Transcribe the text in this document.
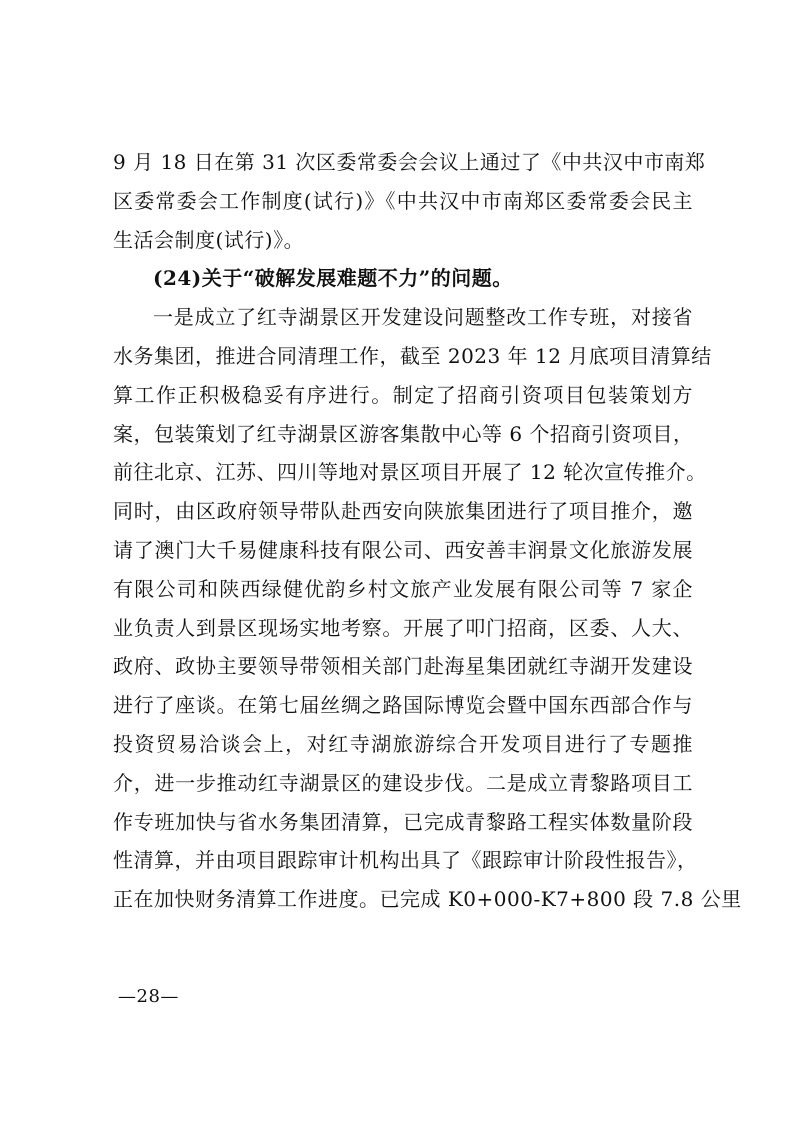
9 月 18 日在第 31 次区委常委会会议上通过了《中共汉中市南郑
区委常委会工作制度(试行)》《中共汉中市南郑区委常委会民主
生活会制度(试行)》。
(24)关于“破解发展难题不力”的问题。
一是成立了红寺湖景区开发建设问题整改工作专班，对接省
水务集团，推进合同清理工作，截至 2023 年 12 月底项目清算结
算工作正积极稳妥有序进行。制定了招商引资项目包装策划方
案，包装策划了红寺湖景区游客集散中心等 6 个招商引资项目，
前往北京、江苏、四川等地对景区项目开展了 12 轮次宣传推介。
同时，由区政府领导带队赴西安向陕旅集团进行了项目推介，邀
请了澳门大千易健康科技有限公司、西安善丰润景文化旅游发展
有限公司和陕西绿健优韵乡村文旅产业发展有限公司等 7 家企
业负责人到景区现场实地考察。开展了叩门招商，区委、人大、
政府、政协主要领导带领相关部门赴海星集团就红寺湖开发建设
进行了座谈。在第七届丝绸之路国际博览会暨中国东西部合作与
投资贸易洽谈会上，对红寺湖旅游综合开发项目进行了专题推
介，进一步推动红寺湖景区的建设步伐。二是成立青黎路项目工
作专班加快与省水务集团清算，已完成青黎路工程实体数量阶段
性清算，并由项目跟踪审计机构出具了《跟踪审计阶段性报告》，
正在加快财务清算工作进度。已完成 K0+000-K7+800 段 7.8 公里
—28—
